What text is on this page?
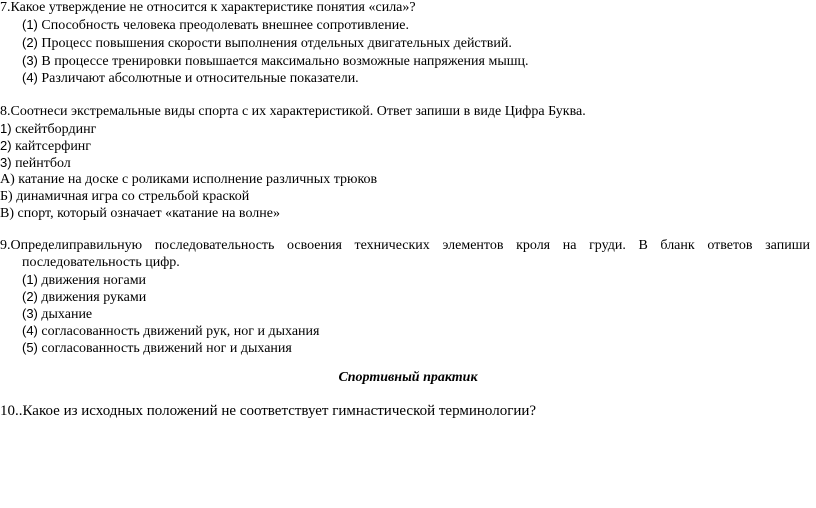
7.Какое утверждение не относится к характеристике понятия «сила»?
(1) Способность человека преодолевать внешнее сопротивление.
(2) Процесс повышения скорости выполнения отдельных двигательных действий.
(3) В процессе тренировки повышается максимально возможные напряжения мышц.
(4) Различают абсолютные и относительные показатели.
8.Соотнеси экстремальные виды спорта с их характеристикой. Ответ запиши в виде Цифра Буква.
1) скейтбординг
2) кайтсерфинг
3) пейнтбол
А) катание на доске с роликами исполнение различных трюков
Б) динамичная игра со стрельбой краской
В) спорт, который означает «катание на волне»
9.Определиправильную последовательность освоения технических элементов кроля на груди. В бланк ответов запиши
последовательность цифр.
(1) движения ногами
(2) движения руками
(3) дыхание
(4) согласованность движений рук, ног и дыхания
(5) согласованность движений ног и дыхания
Спортивный практик
10..Какое из исходных положений не соответствует гимнастической терминологии?
